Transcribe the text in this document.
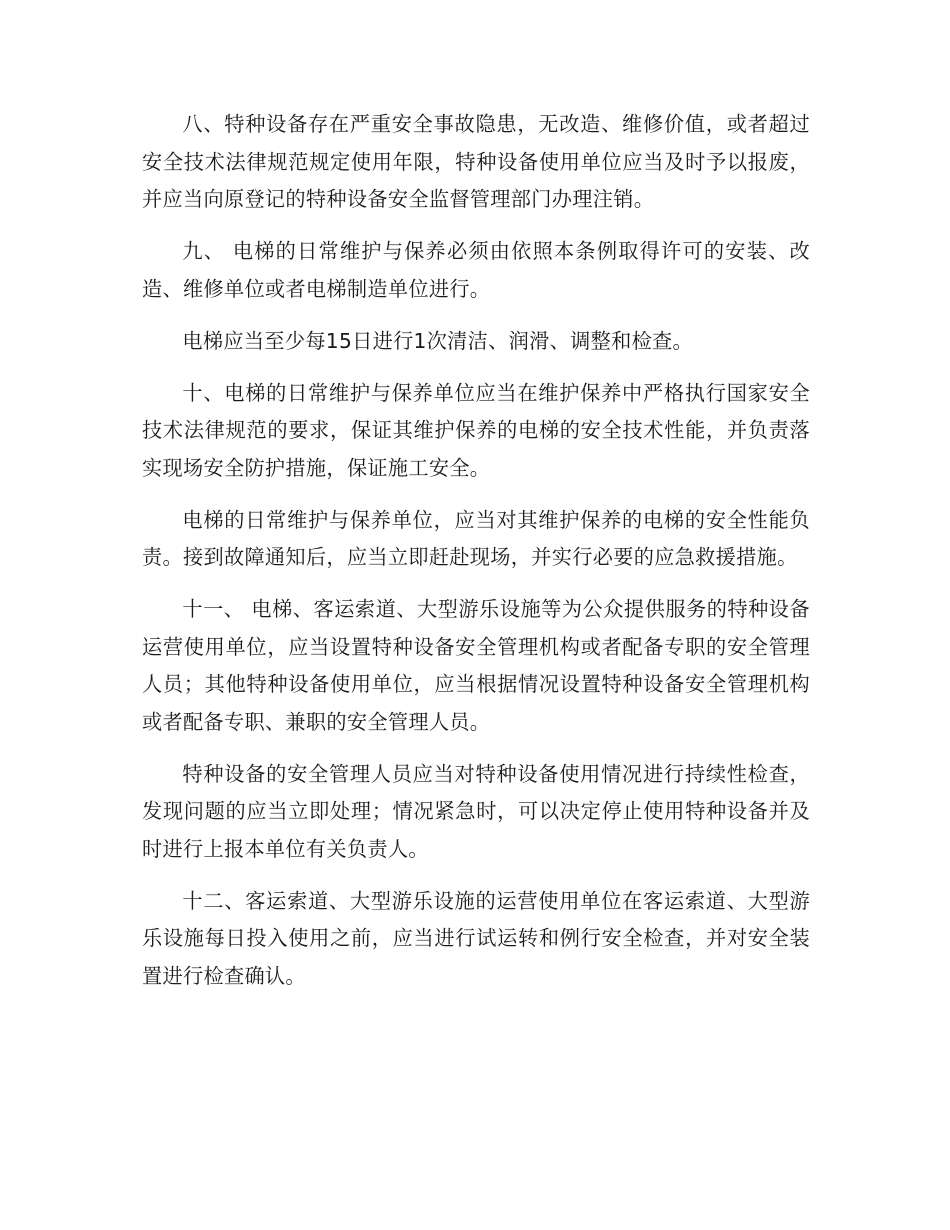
八、特种设备存在严重安全事故隐患，无改造、维修价值，或者超过安全技术法律规范规定使用年限，特种设备使用单位应当及时予以报废，并应当向原登记的特种设备安全监督管理部门办理注销。

九、 电梯的日常维护与保养必须由依照本条例取得许可的安装、改造、维修单位或者电梯制造单位进行。

电梯应当至少每15日进行1次清洁、润滑、调整和检查。

十、电梯的日常维护与保养单位应当在维护保养中严格执行国家安全技术法律规范的要求，保证其维护保养的电梯的安全技术性能，并负责落实现场安全防护措施，保证施工安全。

电梯的日常维护与保养单位，应当对其维护保养的电梯的安全性能负责。接到故障通知后，应当立即赶赴现场，并实行必要的应急救援措施。

十一、 电梯、客运索道、大型游乐设施等为公众提供服务的特种设备运营使用单位，应当设置特种设备安全管理机构或者配备专职的安全管理人员；其他特种设备使用单位，应当根据情况设置特种设备安全管理机构或者配备专职、兼职的安全管理人员。

特种设备的安全管理人员应当对特种设备使用情况进行持续性检查，发现问题的应当立即处理；情况紧急时，可以决定停止使用特种设备并及时进行上报本单位有关负责人。

十二、客运索道、大型游乐设施的运营使用单位在客运索道、大型游乐设施每日投入使用之前，应当进行试运转和例行安全检查，并对安全装置进行检查确认。
